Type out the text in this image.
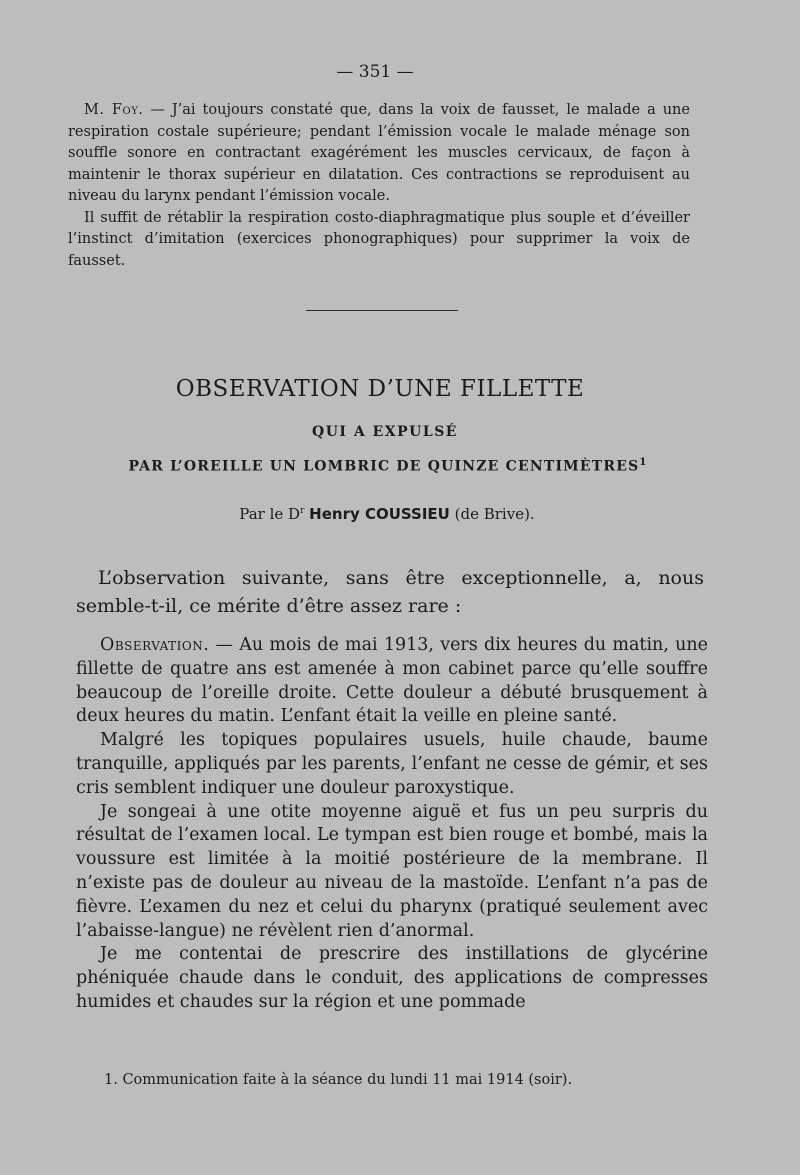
— 351 —

M. Foy. — J’ai toujours constaté que, dans la voix de fausset, le malade a une respiration costale supérieure; pendant l’émission vocale le malade ménage son souffle sonore en contractant exagérément les muscles cervicaux, de façon à maintenir le thorax supérieur en dilatation. Ces contractions se reproduisent au niveau du larynx pendant l’émission vocale.

Il suffit de rétablir la respiration costo-diaphragmatique plus souple et d’éveiller l’instinct d’imitation (exercices phonographiques) pour supprimer la voix de fausset.

OBSERVATION D’UNE FILLETTE
QUI A EXPULSÉ
PAR L’OREILLE UN LOMBRIC DE QUINZE CENTIMÈTRES$^1$
Par le $D^r$ Henry COUSSIEU (de Brive).

L’observation suivante, sans être exceptionnelle, a, nous semble-t-il, ce mérite d’être assez rare :

Observation. — Au mois de mai 1913, vers dix heures du matin, une fillette de quatre ans est amenée à mon cabinet parce qu’elle souffre beaucoup de l’oreille droite. Cette douleur a débuté brusquement à deux heures du matin. L’enfant était la veille en pleine santé.

Malgré les topiques populaires usuels, huile chaude, baume tranquille, appliqués par les parents, l’enfant ne cesse de gémir, et ses cris semblent indiquer une douleur paroxystique.

Je songeai à une otite moyenne aiguë et fus un peu surpris du résultat de l’examen local. Le tympan est bien rouge et bombé, mais la voussure est limitée à la moitié postérieure de la membrane. Il n’existe pas de douleur au niveau de la mastoïde. L’enfant n’a pas de fièvre. L’examen du nez et celui du pharynx (pratiqué seulement avec l’abaisse-langue) ne révèlent rien d’anormal.

Je me contentai de prescrire des instillations de glycérine phéniquée chaude dans le conduit, des applications de compresses humides et chaudes sur la région et une pommade

1. Communication faite à la séance du lundi 11 mai 1914 (soir).
